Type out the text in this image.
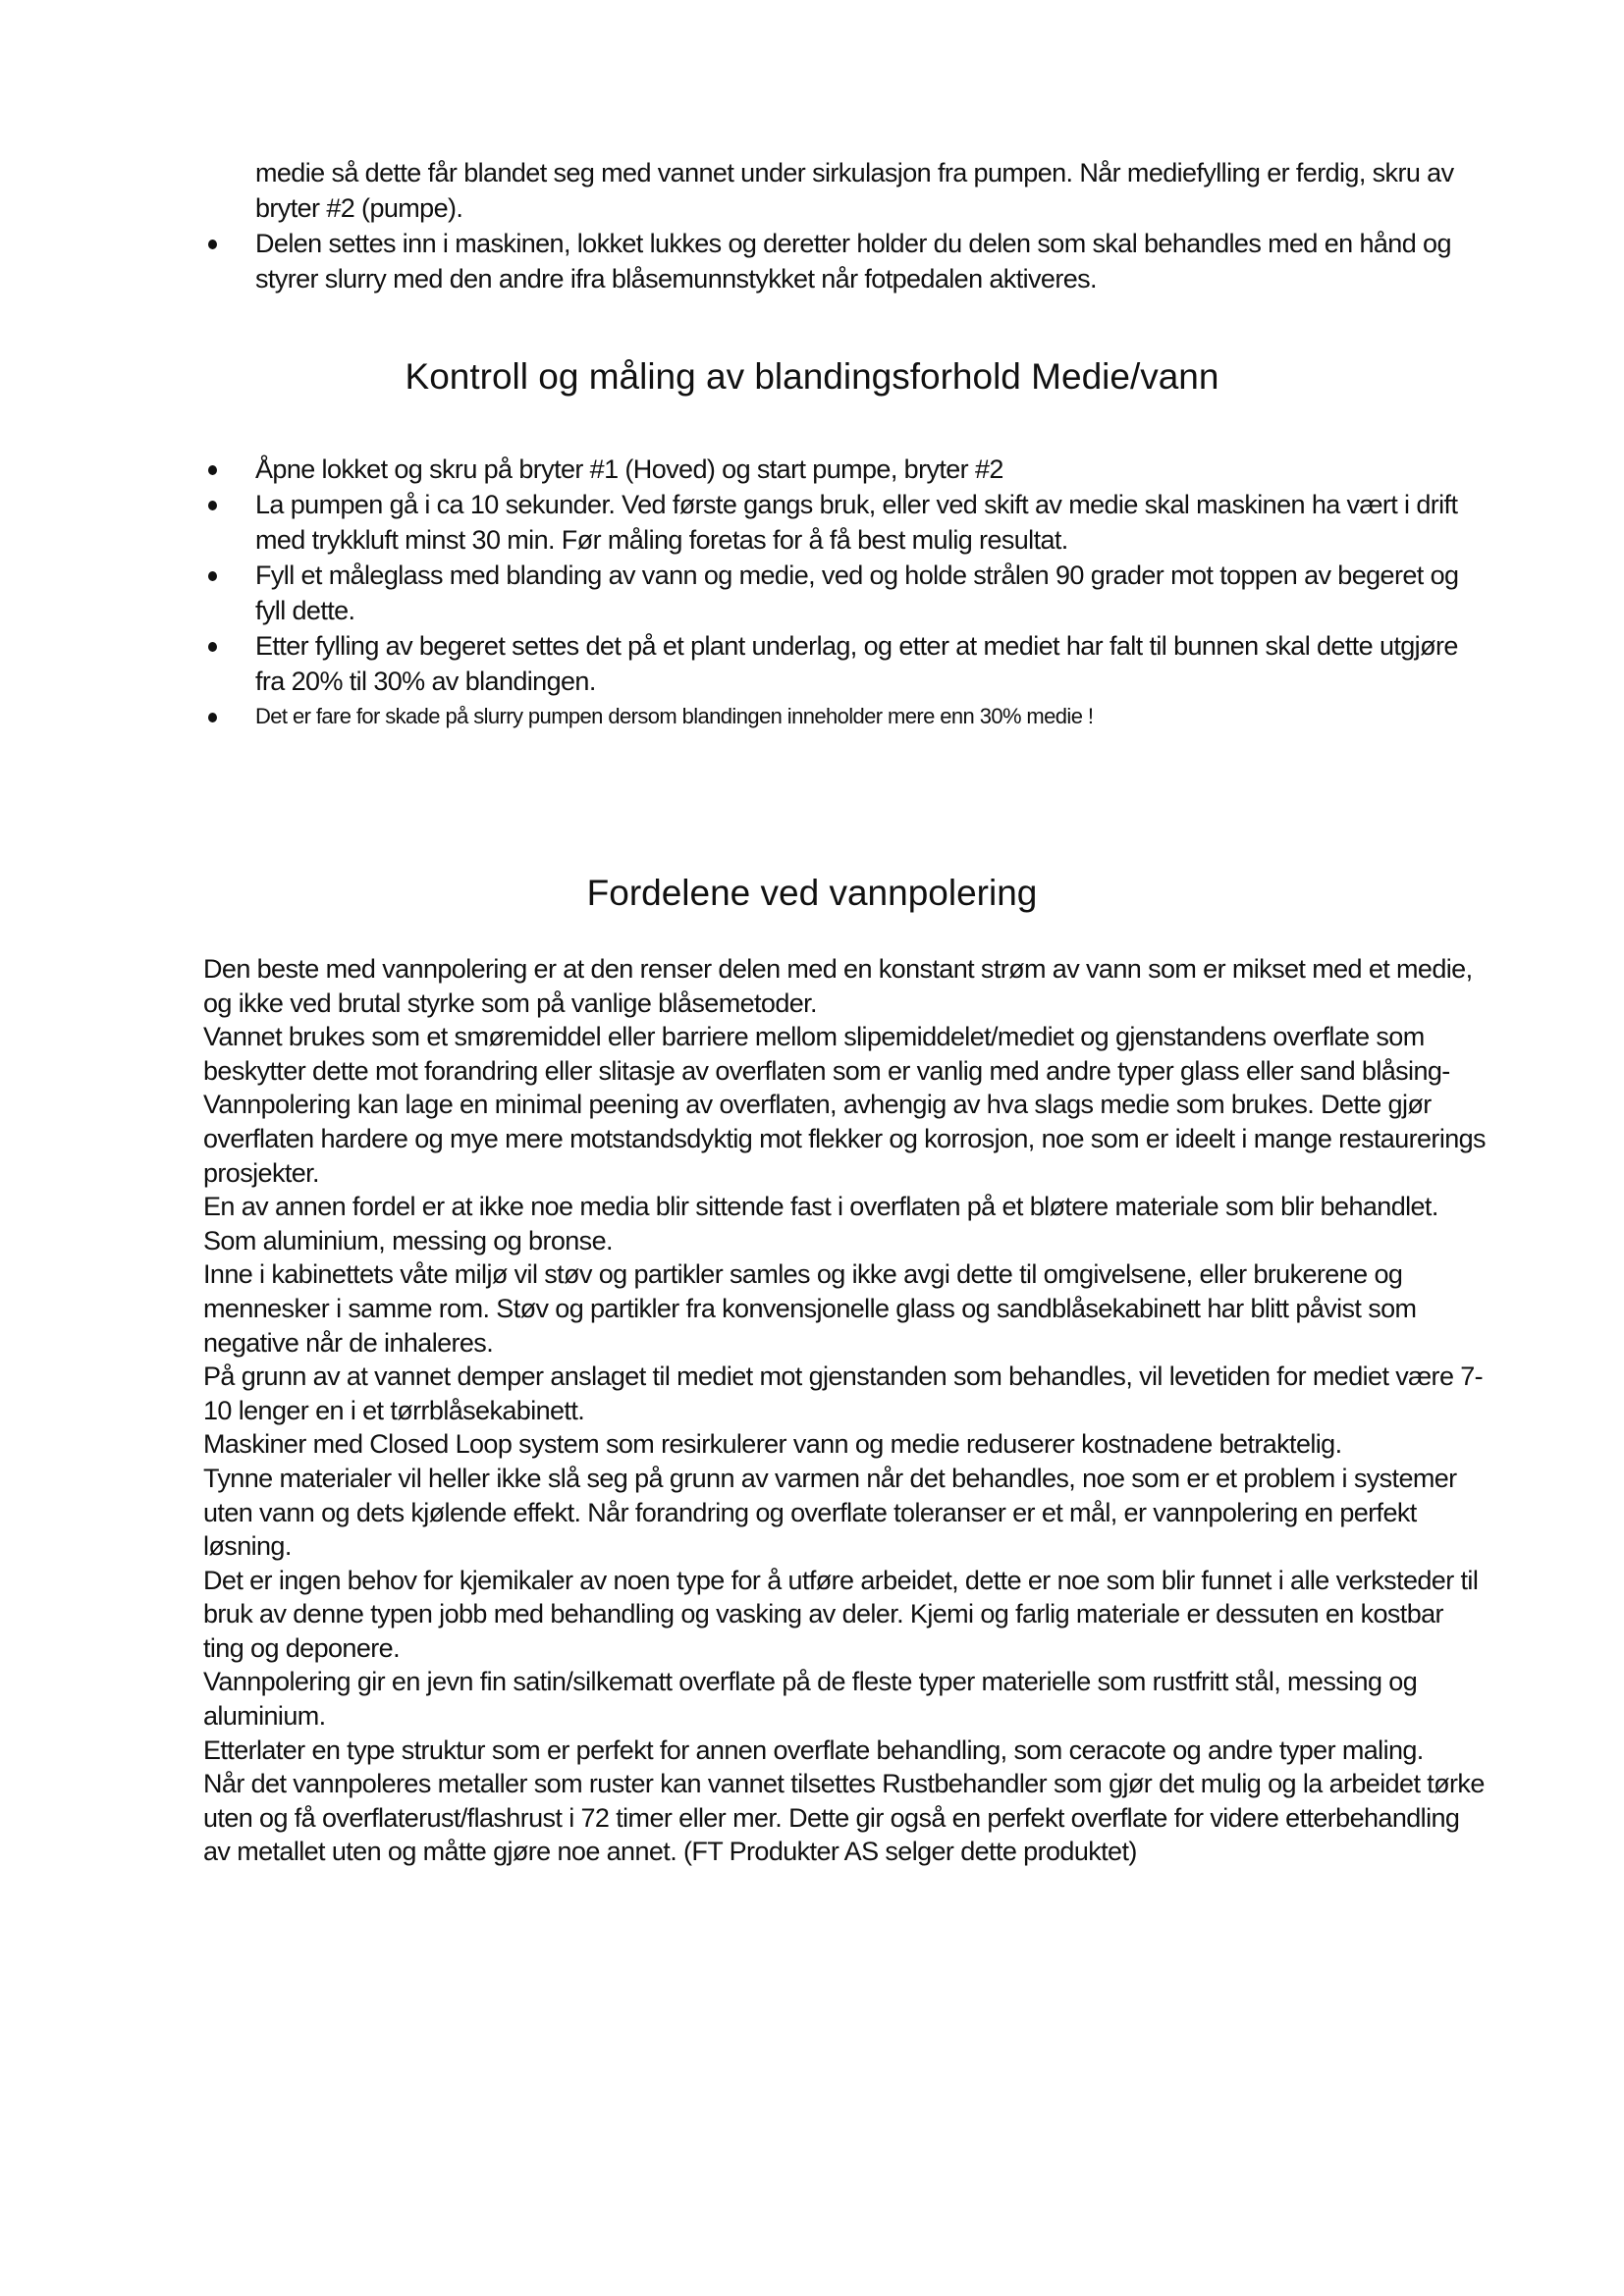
medie så dette får blandet seg med vannet under sirkulasjon fra pumpen. Når mediefylling er ferdig, skru av bryter #2 (pumpe).
Delen settes inn i maskinen, lokket lukkes og deretter holder du delen som skal behandles med en hånd og styrer slurry med den andre ifra blåsemunnstykket når fotpedalen aktiveres.
Kontroll og måling av blandingsforhold Medie/vann
Åpne lokket og skru på bryter #1 (Hoved) og start pumpe, bryter #2
La pumpen gå i ca 10 sekunder. Ved første gangs bruk, eller ved skift av medie skal maskinen ha vært i drift med trykkluft minst 30 min. Før måling foretas for å få best mulig resultat.
Fyll et måleglass med blanding av vann og medie, ved og holde strålen 90 grader mot toppen av begeret og fyll dette.
Etter fylling av begeret settes det på et plant underlag, og etter at mediet har falt til bunnen skal dette utgjøre fra 20% til 30% av blandingen.
Det er fare for skade på slurry pumpen dersom blandingen inneholder mere enn 30% medie !
Fordelene ved vannpolering

Den beste med vannpolering er at den renser delen med en konstant strøm av vann som er mikset med et medie, og ikke ved brutal styrke som på vanlige blåsemetoder.

Vannet brukes som et smøremiddel eller barriere mellom slipemiddelet/mediet og gjenstandens overflate som beskytter dette mot forandring eller slitasje av overflaten som er vanlig med andre typer glass eller sand blåsing-

Vannpolering kan lage en minimal peening av overflaten, avhengig av hva slags medie som brukes. Dette gjør overflaten hardere og mye mere motstandsdyktig mot flekker og korrosjon, noe som er ideelt i mange restaurerings prosjekter.

En av annen fordel er at ikke noe media blir sittende fast i overflaten på et bløtere materiale som blir behandlet. Som aluminium, messing og bronse.

Inne i kabinettets våte miljø vil støv og partikler samles og ikke avgi dette til omgivelsene, eller brukerene og mennesker i samme rom. Støv og partikler fra konvensjonelle glass og sandblåsekabinett har blitt påvist som negative når de inhaleres.

På grunn av at vannet demper anslaget til mediet mot gjenstanden som behandles, vil levetiden for mediet være 7-10 lenger en i et tørrblåsekabinett.

Maskiner med Closed Loop system som resirkulerer vann og medie reduserer kostnadene betraktelig.

Tynne materialer vil heller ikke slå seg på grunn av varmen når det behandles, noe som er et problem i systemer uten vann og dets kjølende effekt. Når forandring og overflate toleranser er et mål, er vannpolering en perfekt løsning.

Det er ingen behov for kjemikaler av noen type for å utføre arbeidet, dette er noe som blir funnet i alle verksteder til bruk av denne typen jobb med behandling og vasking av deler. Kjemi og farlig materiale er dessuten en kostbar ting og deponere.

Vannpolering gir en jevn fin satin/silkematt overflate på de fleste typer materielle som rustfritt stål, messing og aluminium.

Etterlater en type struktur som er perfekt for annen overflate behandling, som ceracote og andre typer maling.

Når det vannpoleres metaller som ruster kan vannet tilsettes Rustbehandler som gjør det mulig og la arbeidet tørke uten og få overflaterust/flashrust i 72 timer eller mer. Dette gir også en perfekt overflate for videre etterbehandling av metallet uten og måtte gjøre noe annet. (FT Produkter AS selger dette produktet)
